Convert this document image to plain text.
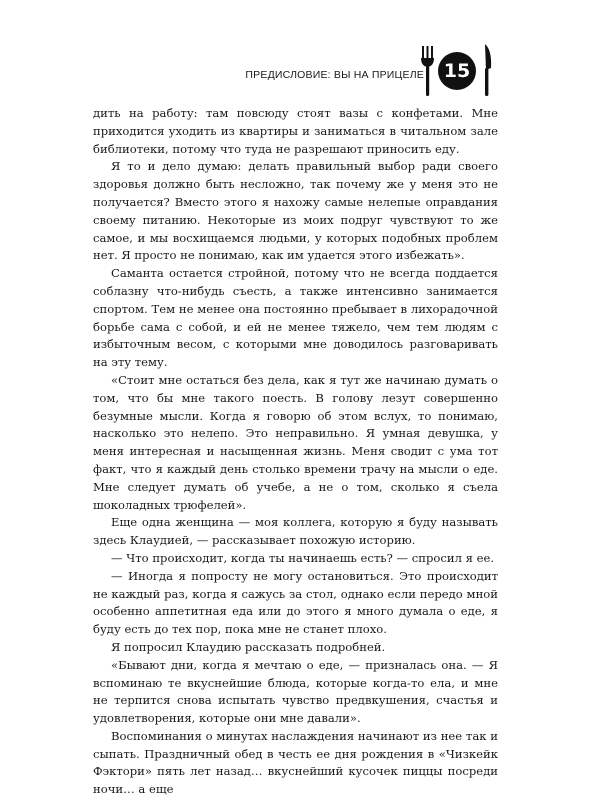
ПРЕДИСЛОВИЕ: ВЫ НА ПРИЦЕЛЕ	15

дить на работу: там повсюду стоят вазы с конфетами. Мне приходится уходить из квартиры и заниматься в читальном зале библиотеки, потому что туда не разрешают приносить еду.

Я то и дело думаю: делать правильный выбор ради своего здоровья должно быть несложно, так почему же у меня это не получается? Вместо этого я нахожу самые нелепые оправдания своему питанию. Некоторые из моих подруг чувствуют то же самое, и мы восхищаемся людьми, у которых подобных проблем нет. Я просто не понимаю, как им удается этого избежать».

Саманта остается стройной, потому что не всегда поддается соблазну что-нибудь съесть, а также интенсивно занимается спортом. Тем не менее она постоянно пребывает в лихорадочной борьбе сама с собой, и ей не менее тяжело, чем тем людям с избыточным весом, с которыми мне доводилось разговаривать на эту тему.

«Стоит мне остаться без дела, как я тут же начинаю думать о том, что бы мне такого поесть. В голову лезут совершенно безумные мысли. Когда я говорю об этом вслух, то понимаю, насколько это нелепо. Это неправильно. Я умная девушка, у меня интересная и насыщенная жизнь. Меня сводит с ума тот факт, что я каждый день столько времени трачу на мысли о еде. Мне следует думать об учебе, а не о том, сколько я съела шоколадных трюфелей».

Еще одна женщина — моя коллега, которую я буду называть здесь Клаудией, — рассказывает похожую историю.

— Что происходит, когда ты начинаешь есть? — спросил я ее.

— Иногда я попросту не могу остановиться. Это происходит не каждый раз, когда я сажусь за стол, однако если передо мной особенно аппетитная еда или до этого я много думала о еде, я буду есть до тех пор, пока мне не станет плохо.

Я попросил Клаудию рассказать подробней.

«Бывают дни, когда я мечтаю о еде, — призналась она. — Я вспоминаю те вкуснейшие блюда, которые когда-то ела, и мне не терпится снова испытать чувство предвкушения, счастья и удовлетворения, которые они мне давали».

Воспоминания о минутах наслаждения начинают из нее так и сыпать. Праздничный обед в честь ее дня рождения в «Чизкейк Фэктори» пять лет назад… вкуснейший кусочек пиццы посреди ночи… а еще
